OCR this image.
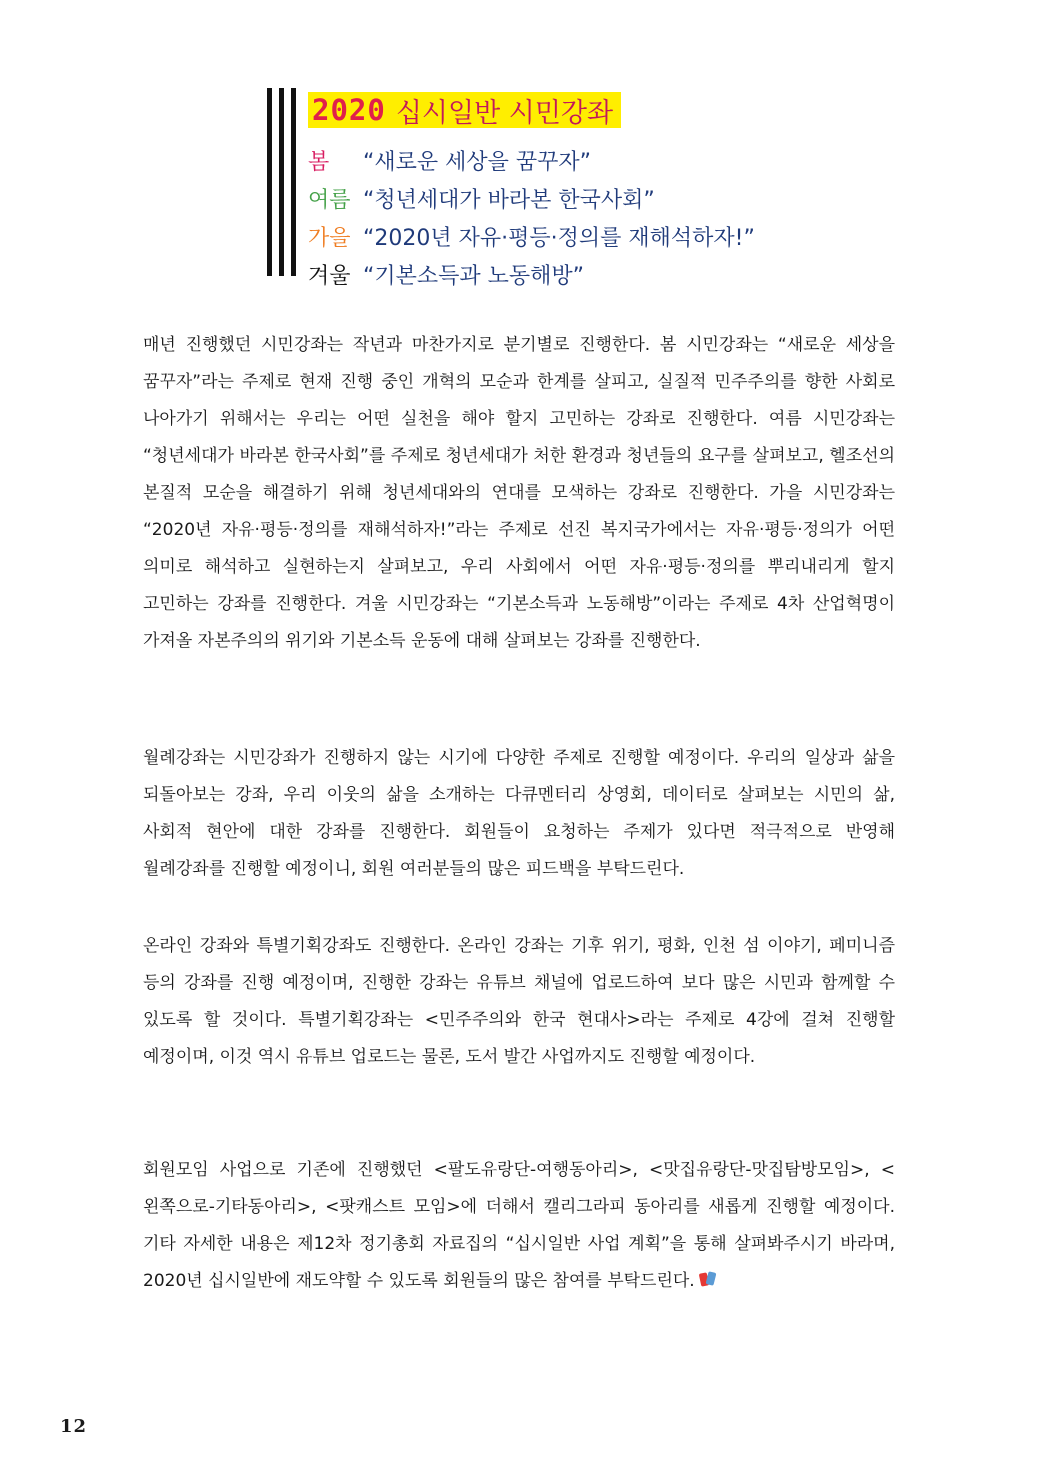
2020 십시일반 시민강좌
봄	“새로운 세상을 꿈꾸자”
여름 “청년세대가 바라본 한국사회”
가을 “2020년 자유·평등·정의를 재해석하자!”
겨울 “기본소득과 노동해방”

매년 진행했던 시민강좌는 작년과 마찬가지로 분기별로 진행한다. 봄 시민강좌는 “새로운 세상을 꿈꾸자”라는 주제로 현재 진행 중인 개혁의 모순과 한계를 살피고, 실질적 민주주의를 향한 사회로 나아가기 위해서는 우리는 어떤 실천을 해야 할지 고민하는 강좌로 진행한다. 여름 시민강좌는 “청년세대가 바라본 한국사회”를 주제로 청년세대가 처한 환경과 청년들의 요구를 살펴보고, 헬조선의 본질적 모순을 해결하기 위해 청년세대와의 연대를 모색하는 강좌로 진행한다. 가을 시민강좌는 “2020년 자유·평등·정의를 재해석하자!”라는 주제로 선진 복지국가에서는 자유·평등·정의가 어떤 의미로 해석하고 실현하는지 살펴보고, 우리 사회에서 어떤 자유·평등·정의를 뿌리내리게 할지 고민하는 강좌를 진행한다. 겨울 시민강좌는 “기본소득과 노동해방”이라는 주제로 4차 산업혁명이 가져올 자본주의의 위기와 기본소득 운동에 대해 살펴보는 강좌를 진행한다.

월례강좌는 시민강좌가 진행하지 않는 시기에 다양한 주제로 진행할 예정이다. 우리의 일상과 삶을 되돌아보는 강좌, 우리 이웃의 삶을 소개하는 다큐멘터리 상영회, 데이터로 살펴보는 시민의 삶, 사회적 현안에 대한 강좌를 진행한다. 회원들이 요청하는 주제가 있다면 적극적으로 반영해 월례강좌를 진행할 예정이니, 회원 여러분들의 많은 피드백을 부탁드린다.

온라인 강좌와 특별기획강좌도 진행한다. 온라인 강좌는 기후 위기, 평화, 인천 섬 이야기, 페미니즘 등의 강좌를 진행 예정이며, 진행한 강좌는 유튜브 채널에 업로드하여 보다 많은 시민과 함께할 수 있도록 할 것이다. 특별기획강좌는 <민주주의와 한국 현대사>라는 주제로 4강에 걸쳐 진행할 예정이며, 이것 역시 유튜브 업로드는 물론, 도서 발간 사업까지도 진행할 예정이다.

회원모임 사업으로 기존에 진행했던 <팔도유랑단-여행동아리>, <맛집유랑단-맛집탐방모임>, <왼쪽으로-기타동아리>, <팟캐스트 모임>에 더해서 캘리그라피 동아리를 새롭게 진행할 예정이다. 기타 자세한 내용은 제12차 정기총회 자료집의 “십시일반 사업 계획”을 통해 살펴봐주시기 바라며, 2020년 십시일반에 재도약할 수 있도록 회원들의 많은 참여를 부탁드린다.

12
